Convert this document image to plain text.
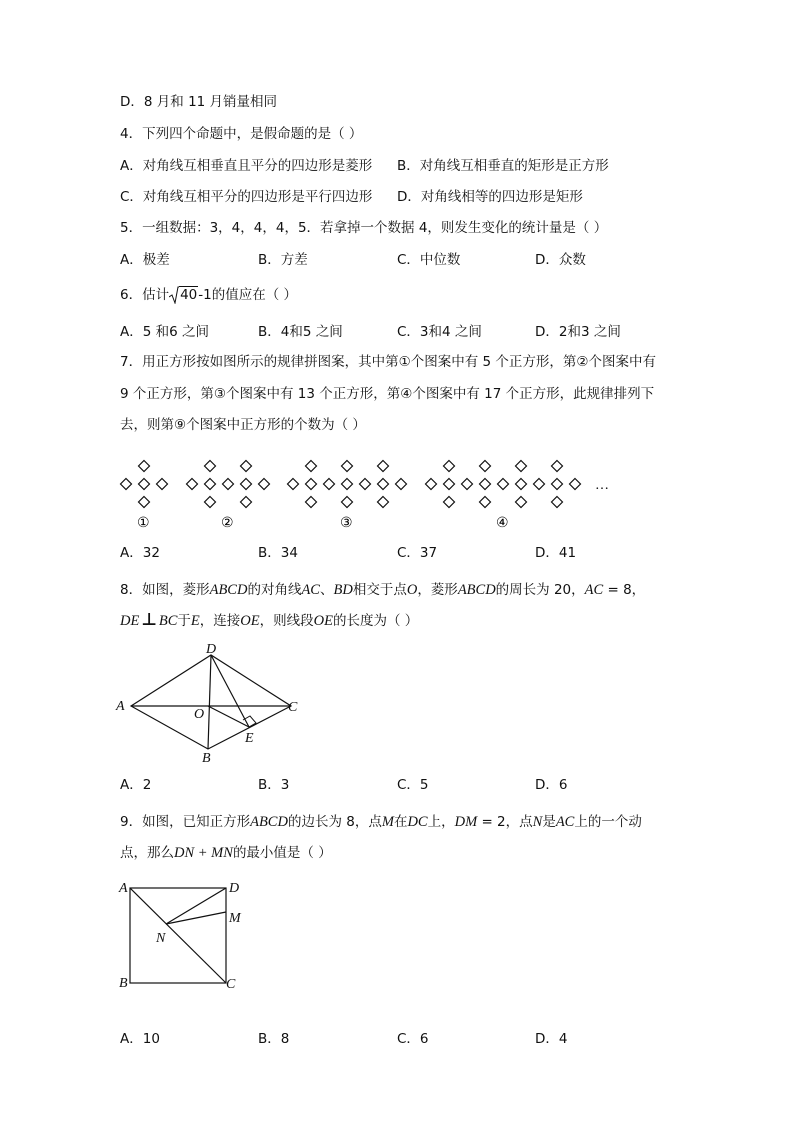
D．8 月和 11 月销量相同
4．下列四个命题中，是假命题的是（ ）
A．对角线互相垂直且平分的四边形是菱形 B．对角线互相垂直的矩形是正方形
C．对角线互相平分的四边形是平行四边形 D．对角线相等的四边形是矩形
5．一组数据：3，4，4，4，5．若拿掉一个数据 4，则发生变化的统计量是（ ）
A．极差	B．方差	C．中位数	D．众数
6．估计 40-1的值应在（ ）
A．5 和6 之间	B．4和5 之间	C．3和4 之间	D．2和3 之间
7．用正方形按如图所示的规律拼图案，其中第①个图案中有 5 个正方形，第②个图案中有
9 个正方形，第③个图案中有 13 个正方形，第④个图案中有 17 个正方形，此规律排列下
去，则第⑨个图案中正方形的个数为（ ）
…
①	②	③	④
A．32	B．34	C．37	D．41
8．如图，菱形ABCD的对角线AC、BD相交于点O，菱形ABCD的周长为 20，AC = 8，
DE ⊥ BC于E，连接OE，则线段OE的长度为（ ）
A
D
C
B
O
E
A．2	B．3	C．5	D．6
9．如图，已知正方形ABCD的边长为 8，点M在DC上，DM = 2，点N是AC上的一个动
点，那么DN + MN的最小值是（ ）
A	D
M
N
B	C
A．10	B．8	C．6	D．4
